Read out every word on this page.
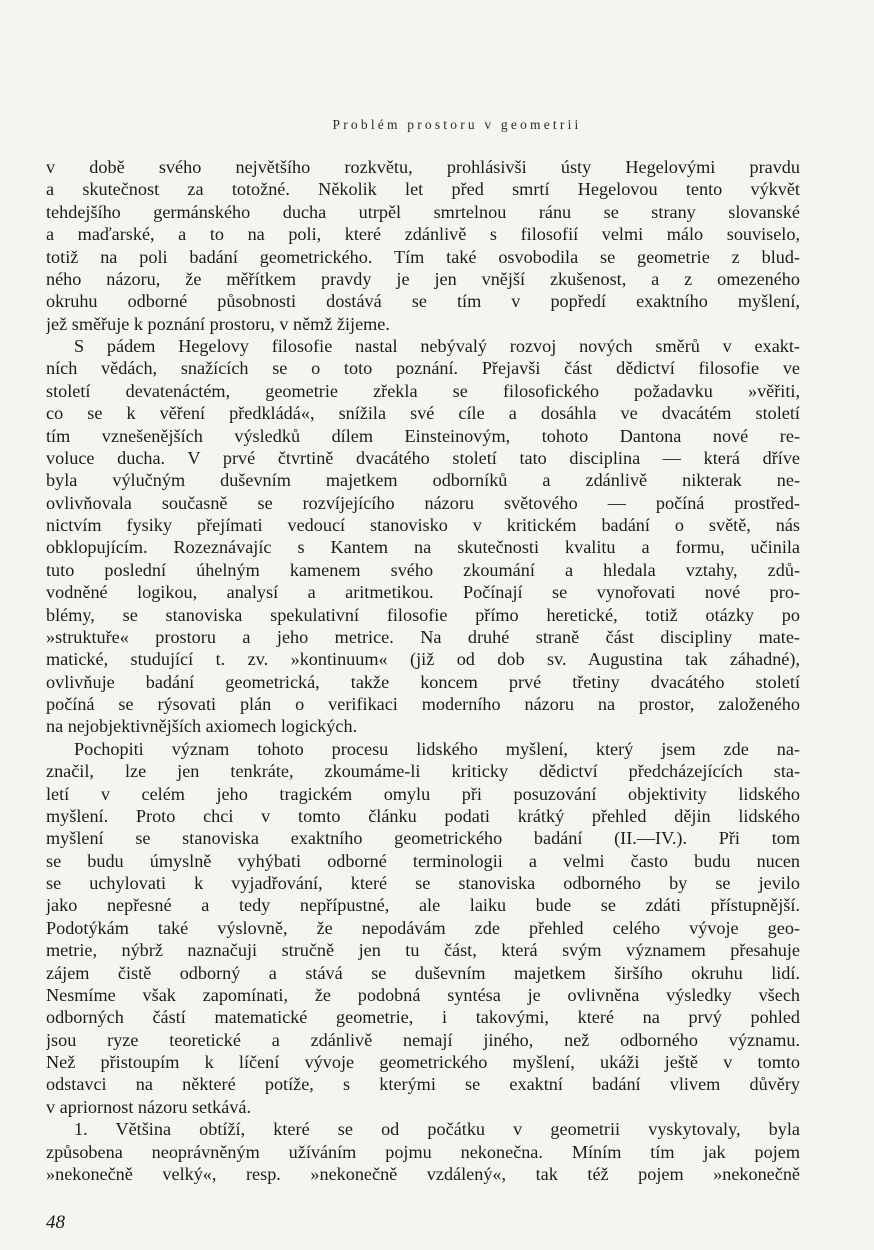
Problém prostoru v geometrii
v době svého největšího rozkvětu, prohlásivši ústy Hegelovými pravdu
a skutečnost za totožné. Několik let před smrtí Hegelovou tento výkvět
tehdejšího germánského ducha utrpěl smrtelnou ránu se strany slovanské
a maďarské, a to na poli, které zdánlivě s filosofií velmi málo souviselo,
totiž na poli badání geometrického. Tím také osvobodila se geometrie z blud-
ného názoru, že měřítkem pravdy je jen vnější zkušenost, a z omezeného
okruhu odborné působnosti dostává se tím v popředí exaktního myšlení,
jež směřuje k poznání prostoru, v němž žijeme.
S pádem Hegelovy filosofie nastal nebývalý rozvoj nových směrů v exakt-
ních vědách, snažících se o toto poznání. Přejavši část dědictví filosofie ve
století devatenáctém, geometrie zřekla se filosofického požadavku »věřiti,
co se k věření předkládá«, snížila své cíle a dosáhla ve dvacátém století
tím vznešenějších výsledků dílem Einsteinovým, tohoto Dantona nové re-
voluce ducha. V prvé čtvrtině dvacátého století tato disciplina — která dříve
byla výlučným duševním majetkem odborníků a zdánlivě nikterak ne-
ovlivňovala současně se rozvíjejícího názoru světového — počíná prostřed-
nictvím fysiky přejímati vedoucí stanovisko v kritickém badání o světě, nás
obklopujícím. Rozeznávajíc s Kantem na skutečnosti kvalitu a formu, učinila
tuto poslední úhelným kamenem svého zkoumání a hledala vztahy, zdů-
vodněné logikou, analysí a aritmetikou. Počínají se vynořovati nové pro-
blémy, se stanoviska spekulativní filosofie přímo heretické, totiž otázky po
»struktuře« prostoru a jeho metrice. Na druhé straně část discipliny mate-
matické, studující t. zv. »kontinuum« (již od dob sv. Augustina tak záhadné),
ovlivňuje badání geometrická, takže koncem prvé třetiny dvacátého století
počíná se rýsovati plán o verifikaci moderního názoru na prostor, založeného
na nejobjektivnějších axiomech logických.
Pochopiti význam tohoto procesu lidského myšlení, který jsem zde na-
značil, lze jen tenkráte, zkoumáme-li kriticky dědictví předcházejících sta-
letí v celém jeho tragickém omylu při posuzování objektivity lidského
myšlení. Proto chci v tomto článku podati krátký přehled dějin lidského
myšlení se stanoviska exaktního geometrického badání (II.—IV.). Při tom
se budu úmyslně vyhýbati odborné terminologii a velmi často budu nucen
se uchylovati k vyjadřování, které se stanoviska odborného by se jevilo
jako nepřesné a tedy nepřípustné, ale laiku bude se zdáti přístupnější.
Podotýkám také výslovně, že nepodávám zde přehled celého vývoje geo-
metrie, nýbrž naznačuji stručně jen tu část, která svým významem přesahuje
zájem čistě odborný a stává se duševním majetkem širšího okruhu lidí.
Nesmíme však zapomínati, že podobná syntésa je ovlivněna výsledky všech
odborných částí matematické geometrie, i takovými, které na prvý pohled
jsou ryze teoretické a zdánlivě nemají jiného, než odborného významu.
Než přistoupím k líčení vývoje geometrického myšlení, ukáži ještě v tomto
odstavci na některé potíže, s kterými se exaktní badání vlivem důvěry
v apriornost názoru setkává.
1. Většina obtíží, které se od počátku v geometrii vyskytovaly, byla
způsobena neoprávněným užíváním pojmu nekonečna. Míním tím jak pojem
»nekonečně velký«, resp. »nekonečně vzdálený«, tak též pojem »nekonečně
48
